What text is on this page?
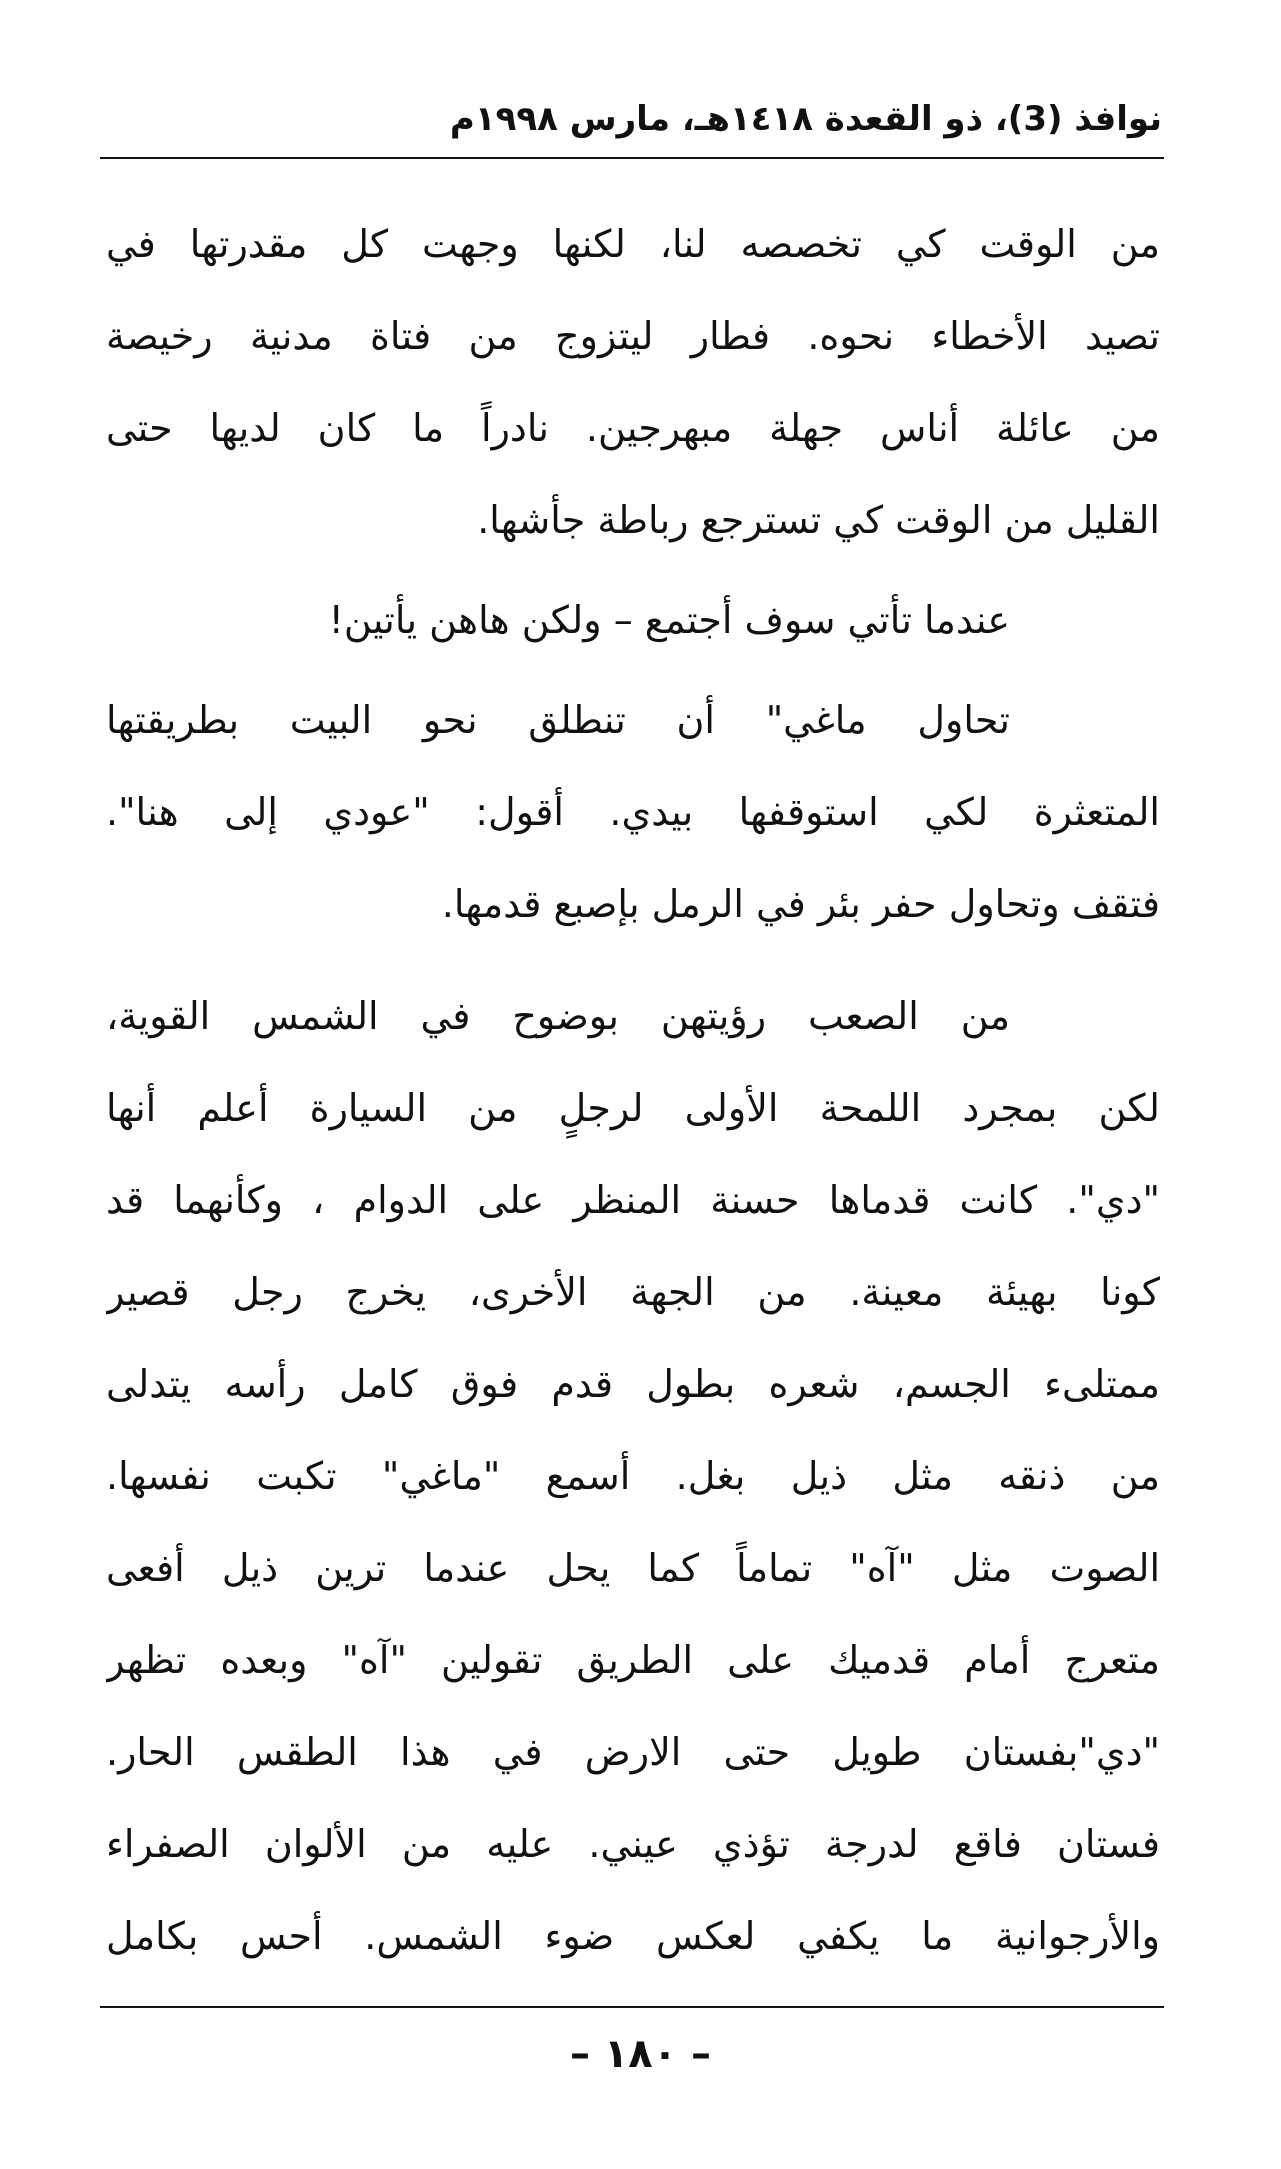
نوافذ (3)، ذو القعدة ١٤١٨هـ، مارس ١٩٩٨م
من الوقت كي تخصصه لنا، لكنها وجهت كل مقدرتها في
تصيد الأخطاء نحوه. فطار ليتزوج من فتاة مدنية رخيصة
من عائلة أناس جهلة مبهرجين. نادراً ما كان لديها حتى
القليل من الوقت كي تسترجع رباطة جأشها.
عندما تأتي سوف أجتمع – ولكن هاهن يأتين!
تحاول ماغي" أن تنطلق نحو البيت بطريقتها
المتعثرة لكي استوقفها بيدي. أقول: "عودي إلى هنا".
فتقف وتحاول حفر بئر في الرمل بإصبع قدمها.
من الصعب رؤيتهن بوضوح في الشمس القوية،
لكن بمجرد اللمحة الأولى لرجلٍ من السيارة أعلم أنها
"دي". كانت قدماها حسنة المنظر على الدوام ، وكأنهما قد
كونا بهيئة معينة. من الجهة الأخرى، يخرج رجل قصير
ممتلىء الجسم، شعره بطول قدم فوق كامل رأسه يتدلى
من ذنقه مثل ذيل بغل. أسمع "ماغي" تكبت نفسها.
الصوت مثل "آه" تماماً كما يحل عندما ترين ذيل أفعى
متعرج أمام قدميك على الطريق تقولين "آه" وبعده تظهر
"دي"بفستان طويل حتى الارض في هذا الطقس الحار.
فستان فاقع لدرجة تؤذي عيني. عليه من الألوان الصفراء
والأرجوانية ما يكفي لعكس ضوء الشمس. أحس بكامل
– ١٨٠ –
